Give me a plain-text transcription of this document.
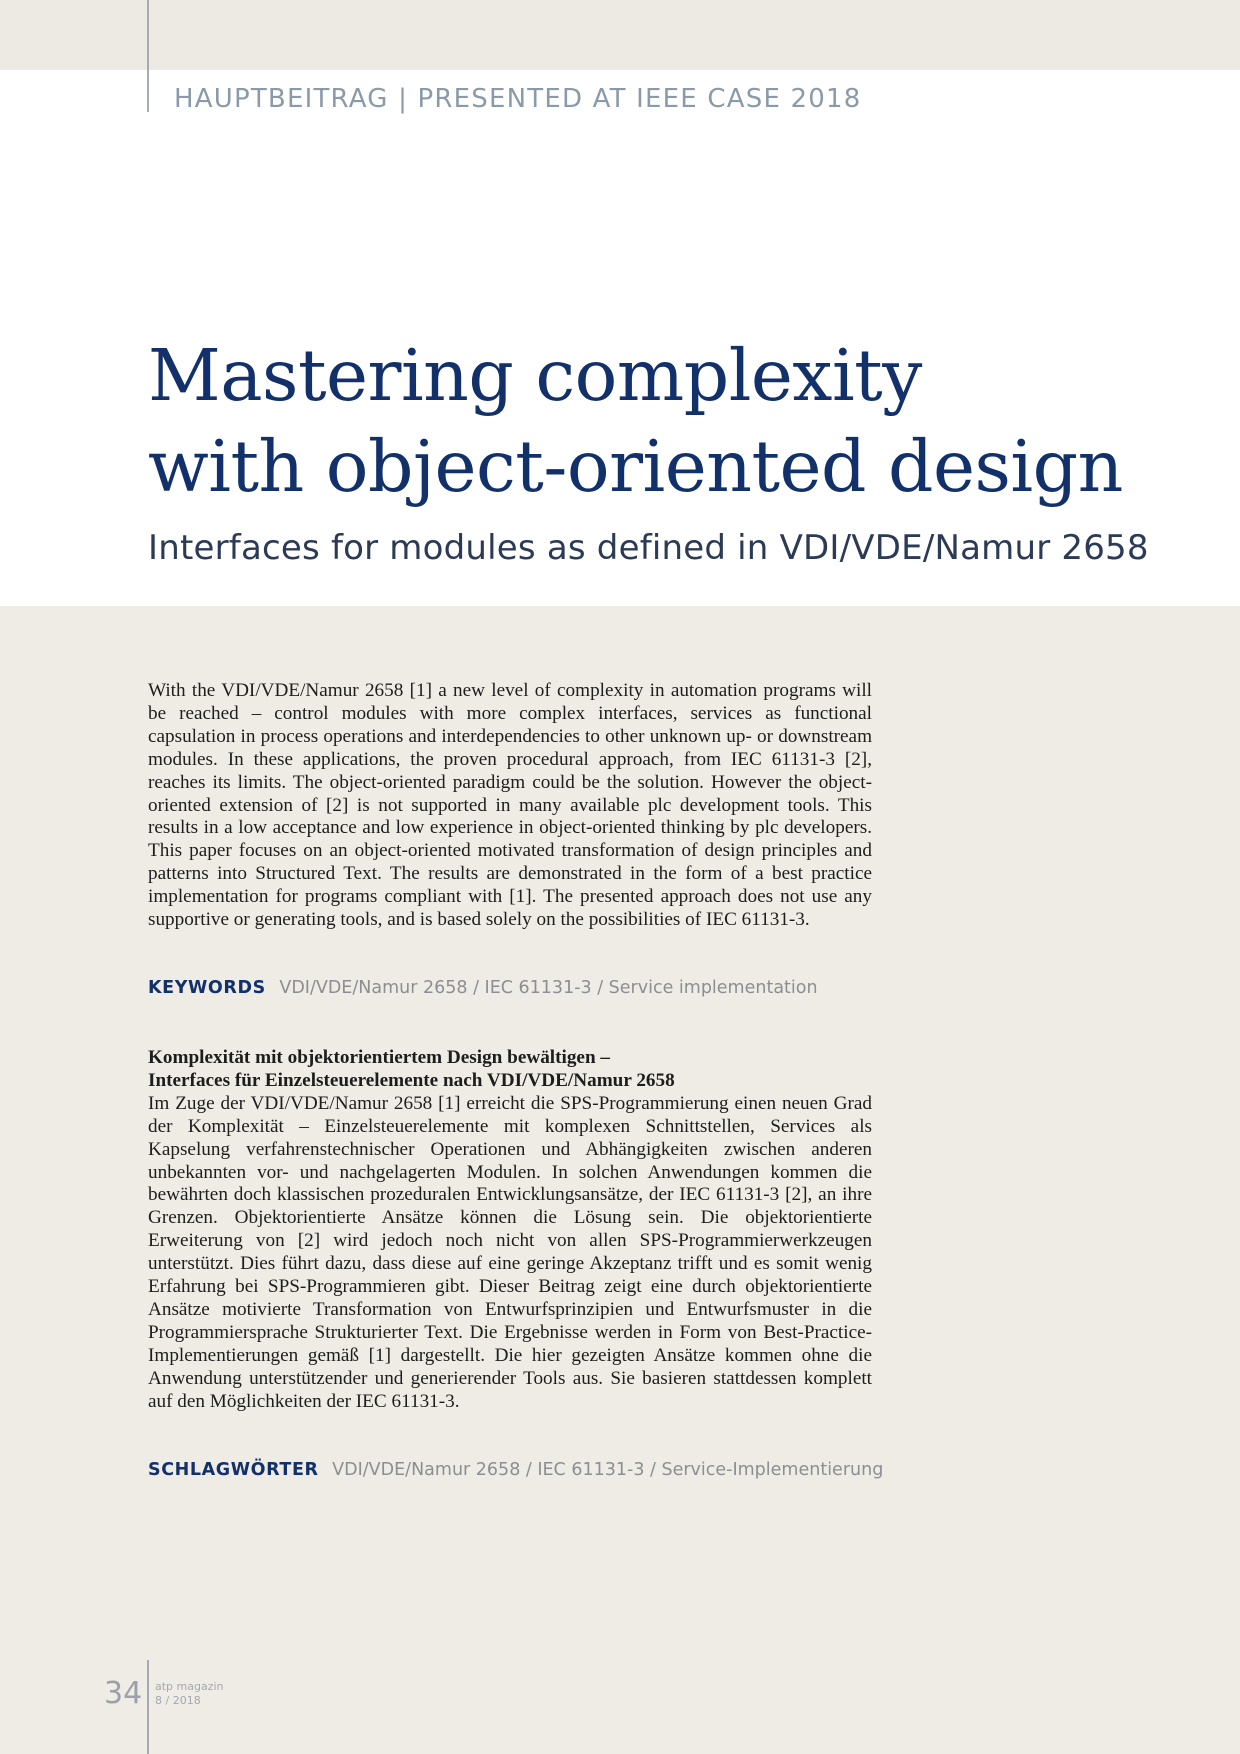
HAUPTBEITRAG | PRESENTED AT IEEE CASE 2018
Mastering complexity
with object-oriented design
Interfaces for modules as defined in VDI/VDE/Namur 2658

With the VDI/VDE/Namur 2658 [1] a new level of complexity in automation programs will be reached – control modules with more complex interfaces, services as functional capsulation in process operations and interdependencies to other unknown up- or downstream modules. In these applications, the proven procedural approach, from IEC 61131-3 [2], reaches its limits. The object-oriented paradigm could be the solution. However the object-oriented extension of [2] is not supported in many available plc development tools. This results in a low acceptance and low experience in object-oriented thinking by plc developers. This paper focuses on an object-oriented motivated transformation of design principles and patterns into Structured Text. The results are demonstrated in the form of a best practice implementation for programs compliant with [1]. The presented approach does not use any supportive or generating tools, and is based solely on the possibilities of IEC 61131-3.

KEYWORDS VDI/VDE/Namur 2658 / IEC 61131-3 / Service implementation
Komplexität mit objektorientiertem Design bewältigen –
Interfaces für Einzelsteuerelemente nach VDI/VDE/Namur 2658
Im Zuge der VDI/VDE/Namur 2658 [1] erreicht die SPS-Programmierung einen neuen Grad der Komplexität – Einzelsteuerelemente mit komplexen Schnittstellen, Services als Kapselung verfahrenstechnischer Operationen und Abhängigkeiten zwischen anderen unbekannten vor- und nachgelagerten Modulen. In solchen Anwendungen kommen die bewährten doch klassischen prozeduralen Entwicklungsansätze, der IEC 61131-3 [2], an ihre Grenzen. Objektorientierte Ansätze können die Lösung sein. Die objektorientierte Erweiterung von [2] wird jedoch noch nicht von allen SPS-Programmierwerkzeugen unterstützt. Dies führt dazu, dass diese auf eine geringe Akzeptanz trifft und es somit wenig Erfahrung bei SPS-Programmieren gibt. Dieser Beitrag zeigt eine durch objektorientierte Ansätze motivierte Transformation von Entwurfsprinzipien und Entwurfsmuster in die Programmiersprache Strukturierter Text. Die Ergebnisse werden in Form von Best-Practice-Implementierungen gemäß [1] dargestellt. Die hier gezeigten Ansätze kommen ohne die Anwendung unterstützender und generierender Tools aus. Sie basieren stattdessen komplett auf den Möglichkeiten der IEC 61131-3.
SCHLAGWÖRTER VDI/VDE/Namur 2658 / IEC 61131-3 / Service-Implementierung
34 atp magazin
8 / 2018
